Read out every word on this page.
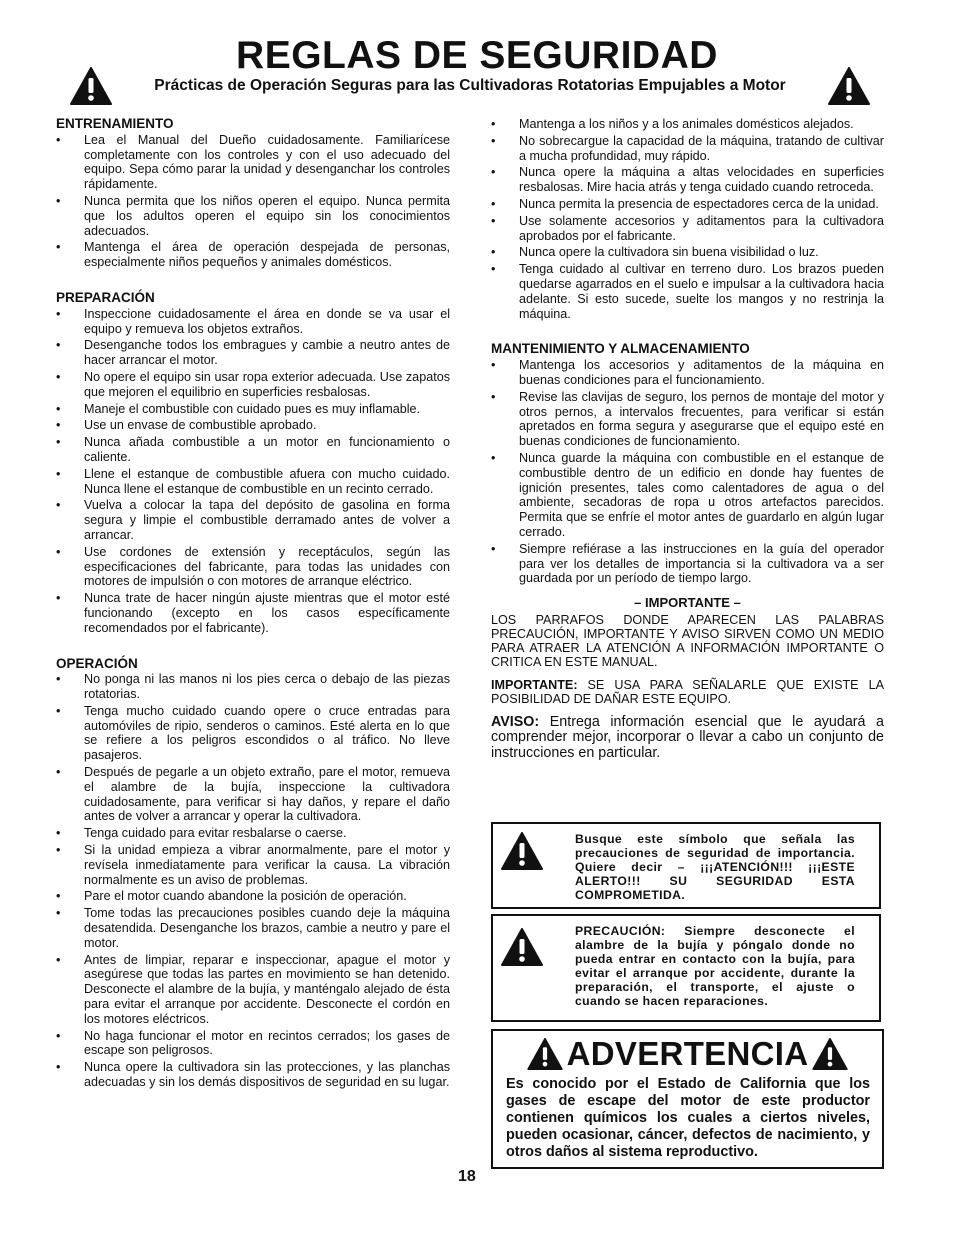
REGLAS DE SEGURIDAD
Prácticas de Operación Seguras para las Cultivadoras Rotatorias Empujables a Motor
ENTRENAMIENTO
• Lea el Manual del Dueño cuidadosamente. Familiarícese completamente con los controles y con el uso adecuado del equipo. Sepa cómo parar la unidad y desenganchar los controles rápidamente.
• Nunca permita que los niños operen el equipo. Nunca permita que los adultos operen el equipo sin los conocimientos adecuados.
• Mantenga el área de operación despejada de personas, especialmente niños pequeños y animales domésticos.
PREPARACIÓN
• Inspeccione cuidadosamente el área en donde se va usar el equipo y remueva los objetos extraños.
• Desenganche todos los embragues y cambie a neutro antes de hacer arrancar el motor.
• No opere el equipo sin usar ropa exterior adecuada. Use zapatos que mejoren el equilibrio en superficies resbalosas.
• Maneje el combustible con cuidado pues es muy inflamable.
• Use un envase de combustible aprobado.
• Nunca añada combustible a un motor en funcionamiento o caliente.
• Llene el estanque de combustible afuera con mucho cuidado. Nunca llene el estanque de combustible en un recinto cerrado.
• Vuelva a colocar la tapa del depósito de gasolina en forma segura y limpie el combustible derramado antes de volver a arrancar.
• Use cordones de extensión y receptáculos, según las especificaciones del fabricante, para todas las unidades con motores de impulsión o con motores de arranque eléctrico.
• Nunca trate de hacer ningún ajuste mientras que el motor esté funcionando (excepto en los casos específicamente recomendados por el fabricante).
OPERACIÓN
• No ponga ni las manos ni los pies cerca o debajo de las piezas rotatorias.
• Tenga mucho cuidado cuando opere o cruce entradas para automóviles de ripio, senderos o caminos. Esté alerta en lo que se refiere a los peligros escondidos o al tráfico. No lleve pasajeros.
• Después de pegarle a un objeto extraño, pare el motor, remueva el alambre de la bujía, inspeccione la cultivadora cuidadosamente, para verificar si hay daños, y repare el daño antes de volver a arrancar y operar la cultivadora.
• Tenga cuidado para evitar resbalarse o caerse.
• Si la unidad empieza a vibrar anormalmente, pare el motor y revísela inmediatamente para verificar la causa. La vibración normalmente es un aviso de problemas.
• Pare el motor cuando abandone la posición de operación.
• Tome todas las precauciones posibles cuando deje la máquina desatendida. Desenganche los brazos, cambie a neutro y pare el motor.
• Antes de limpiar, reparar e inspeccionar, apague el motor y asegúrese que todas las partes en movimiento se han detenido. Desconecte el alambre de la bujía, y manténgalo alejado de ésta para evitar el arranque por accidente. Desconecte el cordón en los motores eléctricos.
• No haga funcionar el motor en recintos cerrados; los gases de escape son peligrosos.
• Nunca opere la cultivadora sin las protecciones, y las planchas adecuadas y sin los demás dispositivos de seguridad en su lugar.
• Mantenga a los niños y a los animales domésticos alejados.
• No sobrecargue la capacidad de la máquina, tratando de cultivar a mucha profundidad, muy rápido.
• Nunca opere la máquina a altas velocidades en superficies resbalosas. Mire hacia atrás y tenga cuidado cuando retroceda.
• Nunca permita la presencia de espectadores cerca de la unidad.
• Use solamente accesorios y aditamentos para la cultivadora aprobados por el fabricante.
• Nunca opere la cultivadora sin buena visibilidad o luz.
• Tenga cuidado al cultivar en terreno duro. Los brazos pueden quedarse agarrados en el suelo e impulsar a la cultivadora hacia adelante. Si esto sucede, suelte los mangos y no restrinja la máquina.
MANTENIMIENTO Y ALMACENAMIENTO
• Mantenga los accesorios y aditamentos de la máquina en buenas condiciones para el funcionamiento.
• Revise las clavijas de seguro, los pernos de montaje del motor y otros pernos, a intervalos frecuentes, para verificar si están apretados en forma segura y asegurarse que el equipo esté en buenas condiciones de funcionamiento.
• Nunca guarde la máquina con combustible en el estanque de combustible dentro de un edificio en donde hay fuentes de ignición presentes, tales como calentadores de agua o del ambiente, secadoras de ropa u otros artefactos parecidos. Permita que se enfríe el motor antes de guardarlo en algún lugar cerrado.
• Siempre refiérase a las instrucciones en la guía del operador para ver los detalles de importancia si la cultivadora va a ser guardada por un período de tiempo largo.
– IMPORTANTE –

LOS PARRAFOS DONDE APARECEN LAS PALABRAS PRECAUCIÓN, IMPORTANTE Y AVISO SIRVEN COMO UN MEDIO PARA ATRAER LA ATENCIÓN A INFORMACIÓN IMPORTANTE O CRITICA EN ESTE MANUAL.

IMPORTANTE: SE USA PARA SEÑALARLE QUE EXISTE LA POSIBILIDAD DE DAÑAR ESTE EQUIPO.

AVISO: Entrega información esencial que le ayudará a comprender mejor, incorporar o llevar a cabo un conjunto de instrucciones en particular.

Busque este símbolo que señala las precauciones de seguridad de importancia. Quiere decir – ¡¡¡ATENCIÓN!!! ¡¡¡ESTE ALERTO!!! SU SEGURIDAD ESTA COMPROMETIDA.
PRECAUCIÓN: Siempre desconecte el alambre de la bujía y póngalo donde no pueda entrar en contacto con la bujía, para evitar el arranque por accidente, durante la preparación, el transporte, el ajuste o cuando se hacen reparaciones.
ADVERTENCIA
Es conocido por el Estado de California que los gases de escape del motor de este productor contienen químicos los cuales a ciertos niveles, pueden ocasionar, cáncer, defectos de nacimiento, y otros daños al sistema reproductivo.
18
